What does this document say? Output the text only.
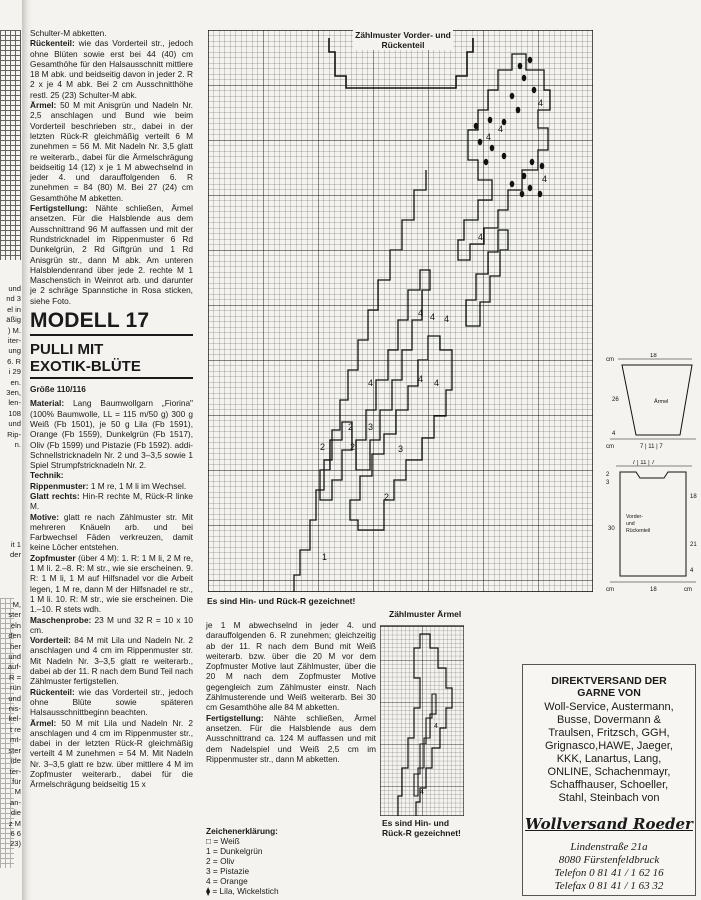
und
nd 3
el in
äßig
) M.
iter-
ung
6. R
i 29
en.
3en,
len-
108
und
Rip-
n.
it 1
der
M,
ster
eln
den
her
und
auf-
R =
rün
und
nis-
kel-
t re
mt-
ster
ide
ter-
für
M
an-
die
z M
6 6
23)

Schulter-M abketten.

Rückenteil: wie das Vorderteil str., jedoch ohne Blüten sowie erst bei 44 (40) cm Gesamthöhe für den Halsausschnitt mittlere 18 M abk. und beidseitig davon in jeder 2. R 2 x je 4 M abk. Bei 2 cm Ausschnitthöhe restl. 25 (23) Schulter-M abk.

Ärmel: 50 M mit Anisgrün und Nadeln Nr. 2,5 anschlagen und Bund wie beim Vorderteil beschrieben str., dabei in der letzten Rück-R gleichmäßig verteilt 6 M zunehmen = 56 M. Mit Nadeln Nr. 3,5 glatt re weiterarb., dabei für die Ärmelschrägung beidseitig 14 (12) x je 1 M abwechselnd in jeder 4. und darauffolgenden 6. R zunehmen = 84 (80) M. Bei 27 (24) cm Gesamthöhe M abketten.

Fertigstellung: Nähte schließen, Ärmel ansetzen. Für die Halsblende aus dem Ausschnittrand 96 M auffassen und mit der Rundstricknadel im Rippenmuster 6 Rd Dunkelgrün, 2 Rd Giftgrün und 1 Rd Anisgrün str., dann M abk. Am unteren Halsblendenrand über jede 2. rechte M 1 Maschenstich in Weinrot arb. und darunter je 2 schräge Spannstiche in Rosa sticken, siehe Foto.

MODELL 17
PULLI MIT
EXOTIK-BLÜTE
Größe 110/116

Material: Lang Baumwollgarn „Fiorina" (100% Baumwolle, LL = 115 m/50 g) 300 g Weiß (Fb 1501), je 50 g Lila (Fb 1591), Orange (Fb 1559), Dunkelgrün (Fb 1517), Oliv (Fb 1599) und Pistazie (Fb 1592). addi-Schnellstricknadeln Nr. 2 und 3–3,5 sowie 1 Spiel Strumpfstricknadeln Nr. 2.

Technik:

Rippenmuster: 1 M re, 1 M li im Wechsel.

Glatt rechts: Hin-R rechte M, Rück-R linke M.

Motive: glatt re nach Zählmuster str. Mit mehreren Knäueln arb. und bei Farbwechsel Fäden verkreuzen, damit keine Löcher entstehen.

Zopfmuster (über 4 M): 1. R: 1 M li, 2 M re, 1 M li. 2.–8. R: M str., wie sie erscheinen. 9. R: 1 M li, 1 M auf Hilfsnadel vor die Arbeit legen, 1 M re, dann M der Hilfsnadel re str., 1 M li. 10. R: M str., wie sie erscheinen. Die 1.–10. R stets wdh.

Maschenprobe: 23 M und 32 R = 10 x 10 cm.

Vorderteil: 84 M mit Lila und Nadeln Nr. 2 anschlagen und 4 cm im Rippenmuster str. Mit Nadeln Nr. 3–3,5 glatt re weiterarb., dabei ab der 11. R nach dem Bund Teil nach Zählmuster fertigstellen.

Rückenteil: wie das Vorderteil str., jedoch ohne Blüte sowie späteren Halsausschnittbeginn beachten.

Ärmel: 50 M mit Lila und Nadeln Nr. 2 anschlagen und 4 cm im Rippenmuster str., dabei in der letzten Rück-R gleichmäßig verteilt 4 M zunehmen = 54 M. Mit Nadeln Nr. 3–3,5 glatt re bzw. über mittlere 4 M im Zopfmuster weiterarb., dabei für die Ärmelschrägung beidseitig 15 x

4
4
4
4
4
4 4 4
4	4 4
2
2
3
3
2
1
2
Zählmuster Vorder- und
Rückenteil
Es sind Hin- und Rück-R gezeichnet!

je 1 M abwechselnd in jeder 4. und darauffolgenden 6. R zunehmen; gleichzeitig ab der 11. R nach dem Bund mit Weiß weiterarb. bzw. über die 20 M vor dem Zopfmuster Motive laut Zählmuster, über die 20 M nach dem Zopfmuster Motive gegengleich zum Zählmuster einstr. Nach Zählmusterende und Weiß weiterarb. Bei 30 cm Gesamthöhe alle 84 M abketten.

Fertigstellung: Nähte schließen, Ärmel ansetzen. Für die Halsblende aus dem Ausschnittrand ca. 124 M auffassen und mit dem Nadelspiel und Weiß 2,5 cm im Rippenmuster str., dann M abketten.

Zeichenerklärung:
□ = Weiß
1 = Dunkelgrün
2 = Oliv
3 = Pistazie
4 = Orange
⧫ = Lila, Wickelstich
Zählmuster Ärmel
4
4
Es sind Hin- und
Rück-R gezeichnet!
cm
18
26	Ärmel
4
cm	7 | 11 | 7
7 | 11 | 7
2
3
18
30
Vorder-
und
Rückenteil
21
4
cm	18	cm
DIREKTVERSAND DER
GARNE VON
Woll-Service, Austermann,
Busse, Dovermann &
Traulsen, Fritzsch, GGH,
Grignasco,HAWE, Jaeger,
KKK, Lanartus, Lang,
ONLINE, Schachenmayr,
Schaffhauser, Schoeller,
Stahl, Steinbach von
Wollversand Roeder
Lindenstraße 21a
8080 Fürstenfeldbruck
Telefon 0 81 41 / 1 62 16
Telefax 0 81 41 / 1 63 32
